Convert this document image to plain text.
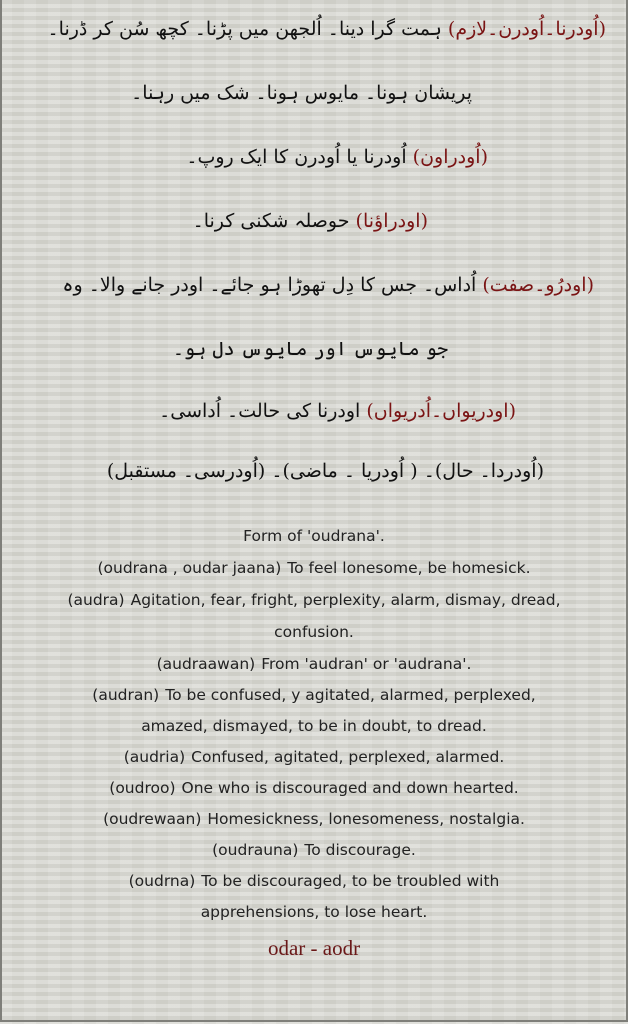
(اُودرنا۔اُودرن۔لازم) ہمت گرا دینا۔ اُلجھن میں پڑنا۔ کچھ سُن کر ڈرنا۔
پریشان ہونا۔ مایوس ہونا۔ شک میں رہنا۔
(اُودراون) اُودرنا یا اُودرن کا ایک روپ۔
(اودراؤنا) حوصلہ شکنی کرنا۔
(اودرُو۔صفت) اُداس۔ جس کا دِل تھوڑا ہو جائے۔ اودر جانے والا۔ وہ
جو مایوس اور مایوس دل ہو۔
(اودریواں۔اُدریواں) اودرنا کی حالت۔ اُداسی۔
(اُودردا۔ حال)۔ ( اُودریا ۔ ماضی)۔ (اُودرسی۔ مستقبل)
Form of 'oudrana'.
(oudrana , oudar jaana) To feel lonesome, be homesick.
(audra) Agitation, fear, fright, perplexity, alarm, dismay, dread,
confusion.
(audraawan) From 'audran' or 'audrana'.
(audran) To be confused, y agitated, alarmed, perplexed,
amazed, dismayed, to be in doubt, to dread.
(audria) Confused, agitated, perplexed, alarmed.
(oudroo) One who is discouraged and down hearted.
(oudrewaan) Homesickness, lonesomeness, nostalgia.
(oudrauna) To discourage.
(oudrna) To be discouraged, to be troubled with
apprehensions, to lose heart.
odar - aodr
